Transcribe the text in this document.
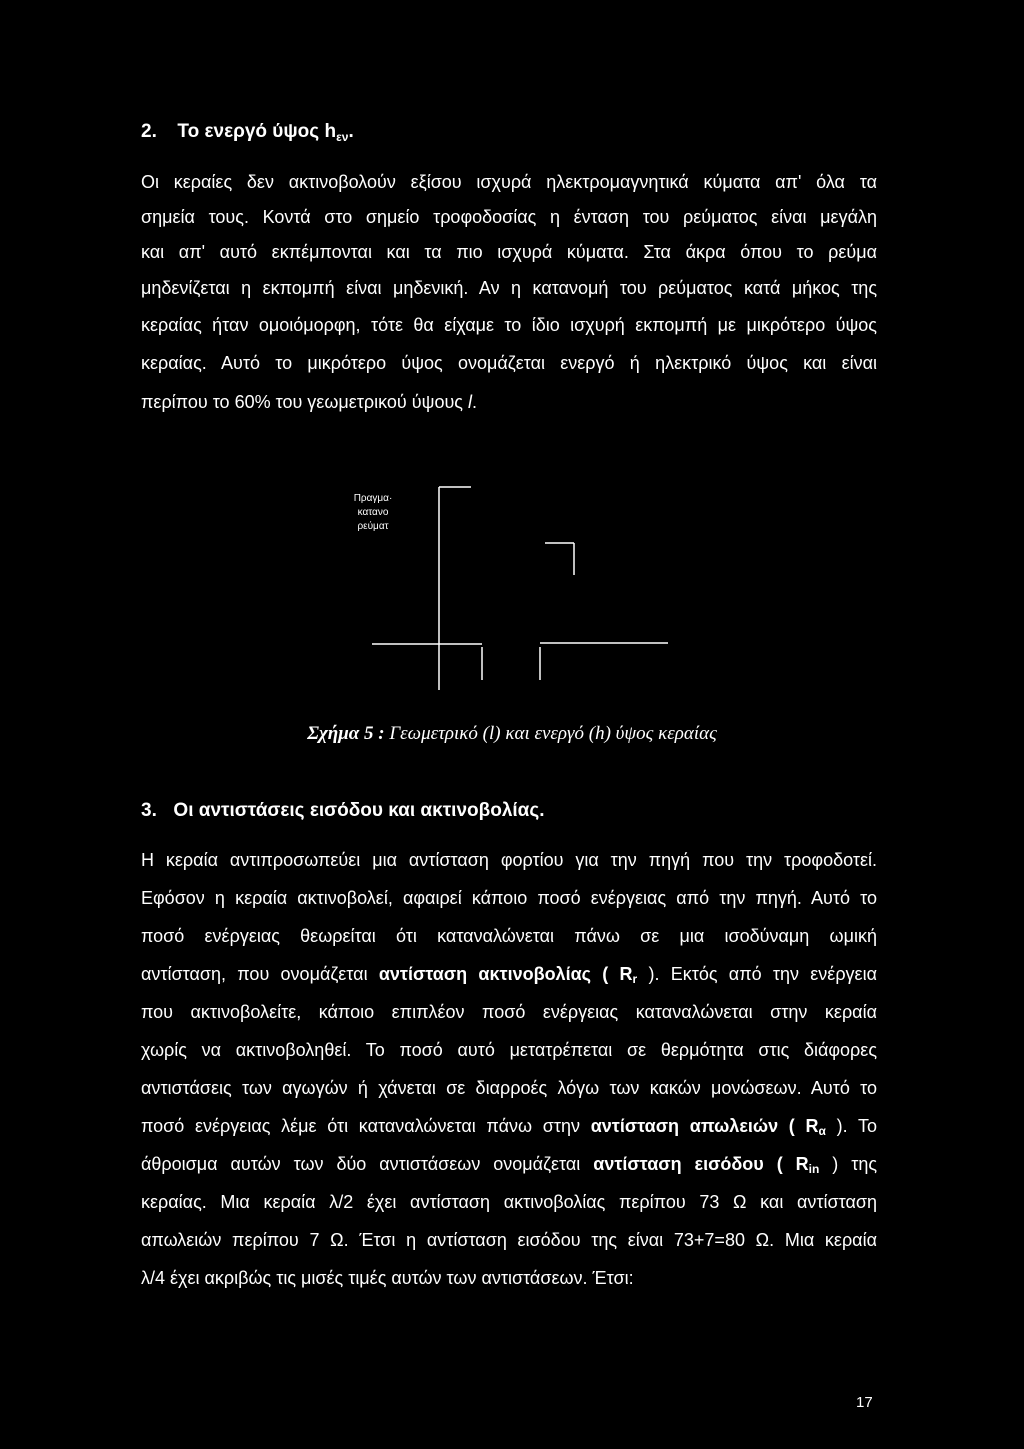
2. Το ενεργό ύψος $h_{\varepsilon\nu}$.
Οι κεραίες δεν ακτινοβολούν εξίσου ισχυρά ηλεκτρομαγνητικά κύματα απ' όλα τα
σημεία τους. Κοντά στο σημείο τροφοδοσίας η ένταση του ρεύματος είναι μεγάλη
και απ' αυτό εκπέμπονται και τα πιο ισχυρά κύματα. Στα άκρα όπου το ρεύμα
μηδενίζεται η εκπομπή είναι μηδενική. Αν η κατανομή του ρεύματος κατά μήκος της
κεραίας ήταν ομοιόμορφη, τότε θα είχαμε το ίδιο ισχυρή εκπομπή με μικρότερο ύψος
κεραίας. Αυτό το μικρότερο ύψος ονομάζεται ενεργό ή ηλεκτρικό ύψος και είναι
περίπου το 60% του γεωμετρικού ύψους l.
Πραγμα·
κατανο
ρεύματ
Σχήμα 5 : Γεωμετρικό (l) και ενεργό (h) ύψος κεραίας
3. Οι αντιστάσεις εισόδου και ακτινοβολίας.
Η κεραία αντιπροσωπεύει μια αντίσταση φορτίου για την πηγή που την τροφοδοτεί.
Εφόσον η κεραία ακτινοβολεί, αφαιρεί κάποιο ποσό ενέργειας από την πηγή. Αυτό το
ποσό ενέργειας θεωρείται ότι καταναλώνεται πάνω σε μια ισοδύναμη ωμική
αντίσταση, που ονομάζεται αντίσταση ακτινοβολίας ( Rr ). Εκτός από την ενέργεια
που ακτινοβολείτε, κάποιο επιπλέον ποσό ενέργειας καταναλώνεται στην κεραία
χωρίς να ακτινοβοληθεί. Το ποσό αυτό μετατρέπεται σε θερμότητα στις διάφορες
αντιστάσεις των αγωγών ή χάνεται σε διαρροές λόγω των κακών μονώσεων. Αυτό το
ποσό ενέργειας λέμε ότι καταναλώνεται πάνω στην αντίσταση απωλειών ( Rα ). Το
άθροισμα αυτών των δύο αντιστάσεων ονομάζεται αντίσταση εισόδου ( Rin ) της
κεραίας. Μια κεραία λ/2 έχει αντίσταση ακτινοβολίας περίπου 73 Ω και αντίσταση
απωλειών περίπου 7 Ω. Έτσι η αντίσταση εισόδου της είναι 73+7=80 Ω. Μια κεραία
λ/4 έχει ακριβώς τις μισές τιμές αυτών των αντιστάσεων. Έτσι:
17
